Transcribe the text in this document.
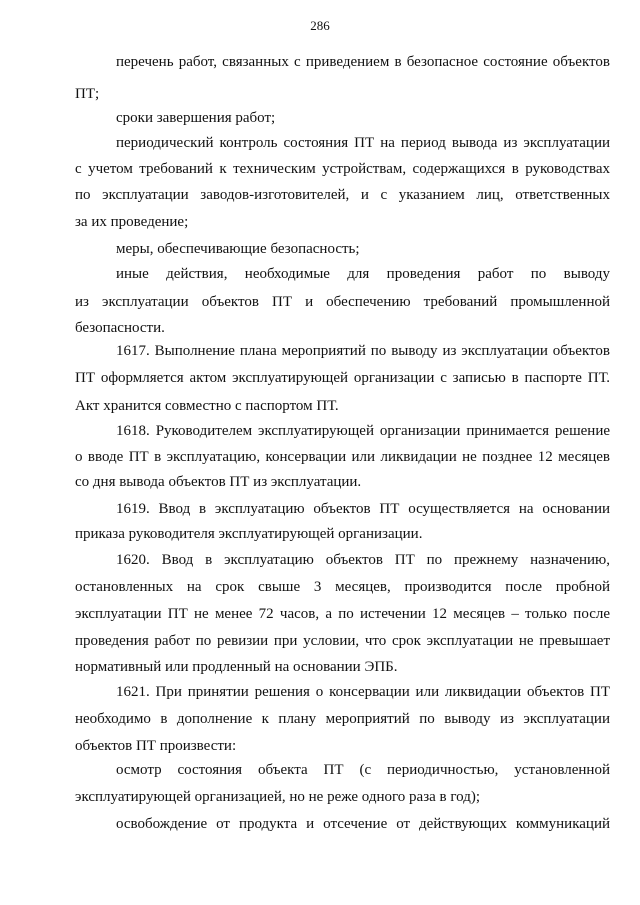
286
перечень работ, связанных с приведением в безопасное состояние объектов
ПТ;
сроки завершения работ;
периодический контроль состояния ПТ на период вывода из эксплуатации
с учетом требований к техническим устройствам, содержащихся в руководствах
по эксплуатации заводов-изготовителей, и с указанием лиц, ответственных
за их проведение;
меры, обеспечивающие безопасность;
иные действия, необходимые для проведения работ по выводу
из эксплуатации объектов ПТ и обеспечению требований промышленной
безопасности.
1617. Выполнение плана мероприятий по выводу из эксплуатации объектов
ПТ оформляется актом эксплуатирующей организации с записью в паспорте ПТ.
Акт хранится совместно с паспортом ПТ.
1618. Руководителем эксплуатирующей организации принимается решение
о вводе ПТ в эксплуатацию, консервации или ликвидации не позднее 12 месяцев
со дня вывода объектов ПТ из эксплуатации.
1619. Ввод в эксплуатацию объектов ПТ осуществляется на основании
приказа руководителя эксплуатирующей организации.
1620. Ввод в эксплуатацию объектов ПТ по прежнему назначению,
остановленных на срок свыше 3 месяцев, производится после пробной
эксплуатации ПТ не менее 72 часов, а по истечении 12 месяцев – только после
проведения работ по ревизии при условии, что срок эксплуатации не превышает
нормативный или продленный на основании ЭПБ.
1621. При принятии решения о консервации или ликвидации объектов ПТ
необходимо в дополнение к плану мероприятий по выводу из эксплуатации
объектов ПТ произвести:
осмотр состояния объекта ПТ (с периодичностью, установленной
эксплуатирующей организацией, но не реже одного раза в год);
освобождение от продукта и отсечение от действующих коммуникаций
